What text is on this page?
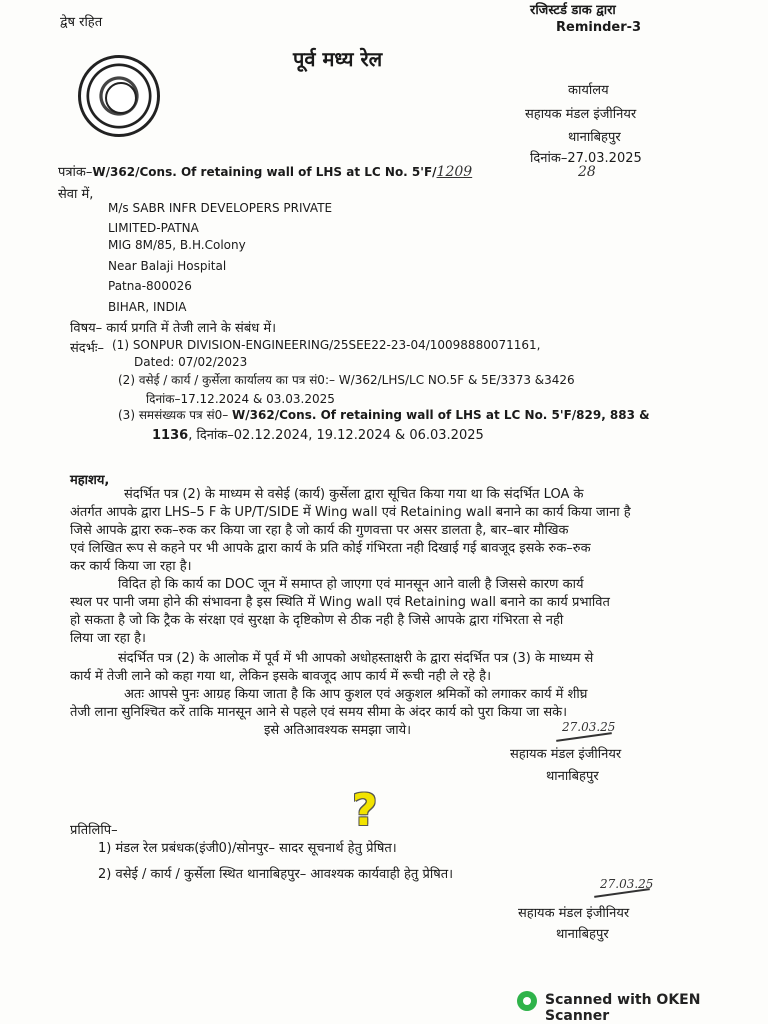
द्वेष रहित
रजिस्टर्ड डाक द्वारा
Reminder-3
पूर्व मध्य रेल
कार्यालय
सहायक मंडल इंजीनियर
थानाबिहपुर
दिनांक–27.03.2025
28
पत्रांक–W/362/Cons. Of retaining wall of LHS at LC No. 5'F/1209
सेवा में,
M/s SABR INFR DEVELOPERS PRIVATE
LIMITED-PATNA
MIG 8M/85, B.H.Colony
Near Balaji Hospital
Patna-800026
BIHAR, INDIA
विषय– कार्य प्रगति में तेजी लाने के संबंध में।
संदर्भः– (1) SONPUR DIVISION-ENGINEERING/25SEE22-23-04/10098880071161,
Dated: 07/02/2023
(2) वसेई / कार्य / कुर्सेला कार्यालय का पत्र सं0:– W/362/LHS/LC NO.5F & 5E/3373 &3426
दिनांक–17.12.2024 & 03.03.2025
(3) समसंख्यक पत्र सं0– W/362/Cons. Of retaining wall of LHS at LC No. 5'F/829, 883 &
1136, दिनांक–02.12.2024, 19.12.2024 & 06.03.2025
महाशय,
संदर्भित पत्र (2) के माध्यम से वसेई (कार्य) कुर्सेला द्वारा सूचित किया गया था कि संदर्भित LOA के
अंतर्गत आपके द्वारा LHS–5 F के UP/T/SIDE में Wing wall एवं Retaining wall बनाने का कार्य किया जाना है
जिसे आपके द्वारा रुक–रुक कर किया जा रहा है जो कार्य की गुणवत्ता पर असर डालता है, बार–बार मौखिक
एवं लिखित रूप से कहने पर भी आपके द्वारा कार्य के प्रति कोई गंभिरता नही दिखाई गई बावजूद इसके रुक–रुक
कर कार्य किया जा रहा है।
विदित हो कि कार्य का DOC जून में समाप्त हो जाएगा एवं मानसून आने वाली है जिससे कारण कार्य
स्थल पर पानी जमा होने की संभावना है इस स्थिति में Wing wall एवं Retaining wall बनाने का कार्य प्रभावित
हो सकता है जो कि ट्रैक के संरक्षा एवं सुरक्षा के दृष्टिकोण से ठीक नही है जिसे आपके द्वारा गंभिरता से नही
लिया जा रहा है।
संदर्भित पत्र (2) के आलोक में पूर्व में भी आपको अधोहस्ताक्षरी के द्वारा संदर्भित पत्र (3) के माध्यम से
कार्य में तेजी लाने को कहा गया था, लेकिन इसके बावजूद आप कार्य में रूची नही ले रहे है।
अतः आपसे पुनः आग्रह किया जाता है कि आप कुशल एवं अकुशल श्रमिकों को लगाकर कार्य में शीघ्र
तेजी लाना सुनिश्चित करें ताकि मानसून आने से पहले एवं समय सीमा के अंदर कार्य को पुरा किया जा सके।
इसे अतिआवश्यक समझा जाये।	27.03.25
सहायक मंडल इंजीनियर
थानाबिहपुर
प्रतिलिपि–
1) मंडल रेल प्रबंधक(इंजी0)/सोनपुर– सादर सूचनार्थ हेतु प्रेषित।
2) वसेई / कार्य / कुर्सेला स्थित थानाबिहपुर– आवश्यक कार्यवाही हेतु प्रेषित।
?
27.03.25
सहायक मंडल इंजीनियर
थानाबिहपुर
Scanned with OKEN Scanner
